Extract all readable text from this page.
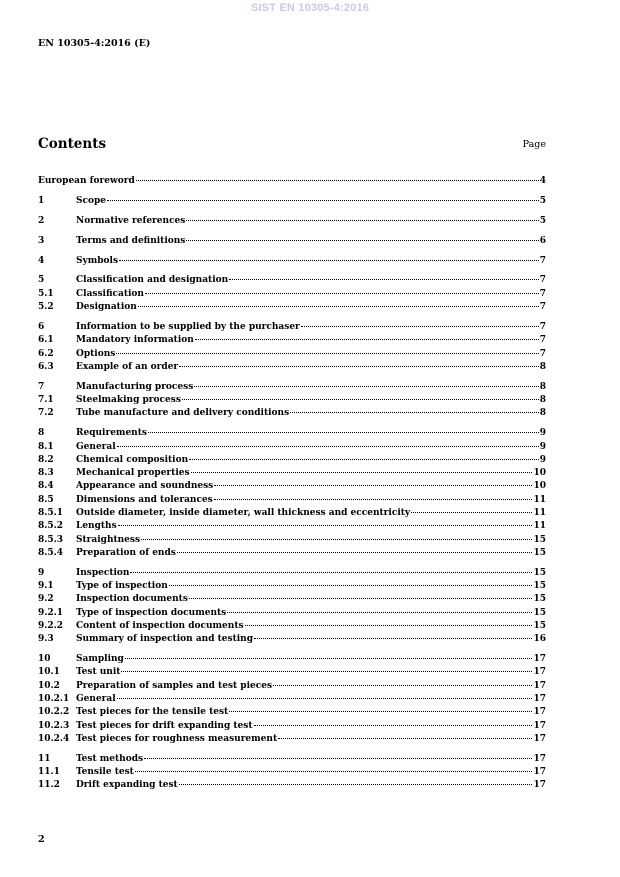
SIST EN 10305-4:2016
EN 10305-4:2016 (E)
Contents	Page
European foreword	4
1	Scope	5
2	Normative references	5
3	Terms and definitions	6
4	Symbols	7
5	Classification and designation	7
5.1	Classification	7
5.2	Designation	7
6	Information to be supplied by the purchaser	7
6.1	Mandatory information	7
6.2	Options	7
6.3	Example of an order	8
7	Manufacturing process	8
7.1	Steelmaking process	8
7.2	Tube manufacture and delivery conditions	8
8	Requirements	9
8.1	General	9
8.2	Chemical composition	9
8.3	Mechanical properties	10
8.4	Appearance and soundness	10
8.5	Dimensions and tolerances	11
8.5.1	Outside diameter, inside diameter, wall thickness and eccentricity	11
8.5.2	Lengths	11
8.5.3	Straightness	15
8.5.4	Preparation of ends	15
9	Inspection	15
9.1	Type of inspection	15
9.2	Inspection documents	15
9.2.1	Type of inspection documents	15
9.2.2	Content of inspection documents	15
9.3	Summary of inspection and testing	16
10	Sampling	17
10.1	Test unit	17
10.2	Preparation of samples and test pieces	17
10.2.1 General	17
10.2.2 Test pieces for the tensile test	17
10.2.3 Test pieces for drift expanding test	17
10.2.4 Test pieces for roughness measurement	17
11	Test methods	17
11.1	Tensile test	17
11.2	Drift expanding test	17
2
